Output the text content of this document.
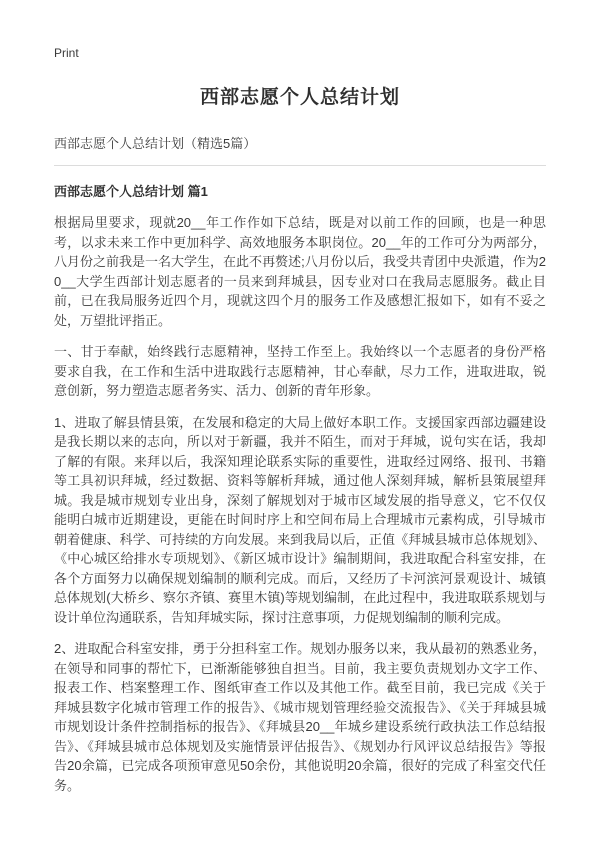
Print
西部志愿个人总结计划
西部志愿个人总结计划（精选5篇）
西部志愿个人总结计划 篇1

根据局里要求，现就20__年工作作如下总结，既是对以前工作的回顾，也是一种思考，以求未来工作中更加科学、高效地服务本职岗位。20__年的工作可分为两部分，八月份之前我是一名大学生，在此不再赘述;八月份以后，我受共青团中央派遣，作为20__大学生西部计划志愿者的一员来到拜城县，因专业对口在我局志愿服务。截止目前，已在我局服务近四个月，现就这四个月的服务工作及感想汇报如下，如有不妥之处，万望批评指正。

一、甘于奉献，始终践行志愿精神，坚持工作至上。我始终以一个志愿者的身份严格要求自我，在工作和生活中进取践行志愿精神，甘心奉献，尽力工作，进取进取，锐意创新，努力塑造志愿者务实、活力、创新的青年形象。

1、进取了解县情县策，在发展和稳定的大局上做好本职工作。支援国家西部边疆建设是我长期以来的志向，所以对于新疆，我并不陌生，而对于拜城，说句实在话，我却了解的有限。来拜以后，我深知理论联系实际的重要性，进取经过网络、报刊、书籍等工具初识拜城，经过数据、资料等解析拜城，通过他人深刻拜城，解析县策展望拜城。我是城市规划专业出身，深刻了解规划对于城市区域发展的指导意义，它不仅仅能明白城市近期建设，更能在时间时序上和空间布局上合理城市元素构成，引导城市朝着健康、科学、可持续的方向发展。来到我局以后，正值《拜城县城市总体规划》、《中心城区给排水专项规划》、《新区城市设计》编制期间，我进取配合科室安排，在各个方面努力以确保规划编制的顺利完成。而后，又经历了卡河滨河景观设计、城镇总体规划(大桥乡、察尔齐镇、赛里木镇)等规划编制，在此过程中，我进取联系规划与设计单位沟通联系，告知拜城实际，探讨注意事项，力促规划编制的顺利完成。

2、进取配合科室安排，勇于分担科室工作。规划办服务以来，我从最初的熟悉业务，在领导和同事的帮忙下，已渐渐能够独自担当。目前，我主要负责规划办文字工作、报表工作、档案整理工作、图纸审查工作以及其他工作。截至目前，我已完成《关于拜城县数字化城市管理工作的报告》、《城市规划管理经验交流报告》、《关于拜城县城市规划设计条件控制指标的报告》、《拜城县20__年城乡建设系统行政执法工作总结报告》、《拜城县城市总体规划及实施情景评估报告》、《规划办行风评议总结报告》等报告20余篇，已完成各项预审意见50余份，其他说明20余篇，很好的完成了科室交代任务。
